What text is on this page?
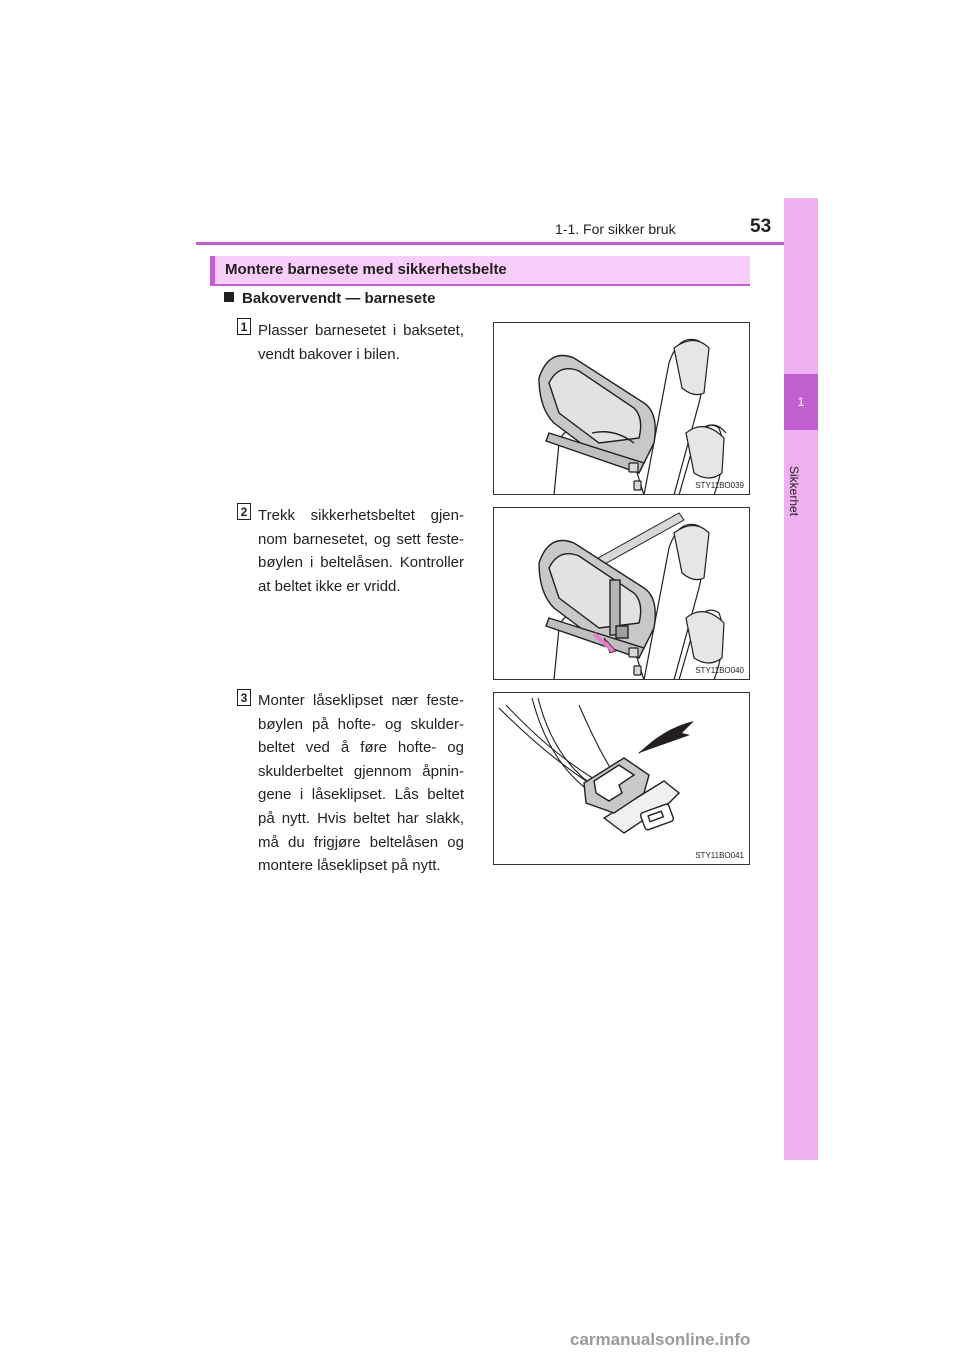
1-1. For sikker bruk	53
1
Sikkerhet
Montere barnesete med sikkerhetsbelte
Bakovervendt — barnesete
1 Plasser barnesetet i baksetet, vendt bakover i bilen.
STY11BO039
2 Trekk sikkerhetsbeltet gjen-nom barnesetet, og sett feste-bøylen i beltelåsen. Kontroller at beltet ikke er vridd.
STY11BO040
3 Monter låseklipset nær feste-bøylen på hofte- og skulder-beltet ved å føre hofte- og skulderbeltet gjennom åpnin-gene i låseklipset. Lås beltet på nytt. Hvis beltet har slakk, må du frigjøre beltelåsen og montere låseklipset på nytt.
STY11BO041
carmanualsonline.info
